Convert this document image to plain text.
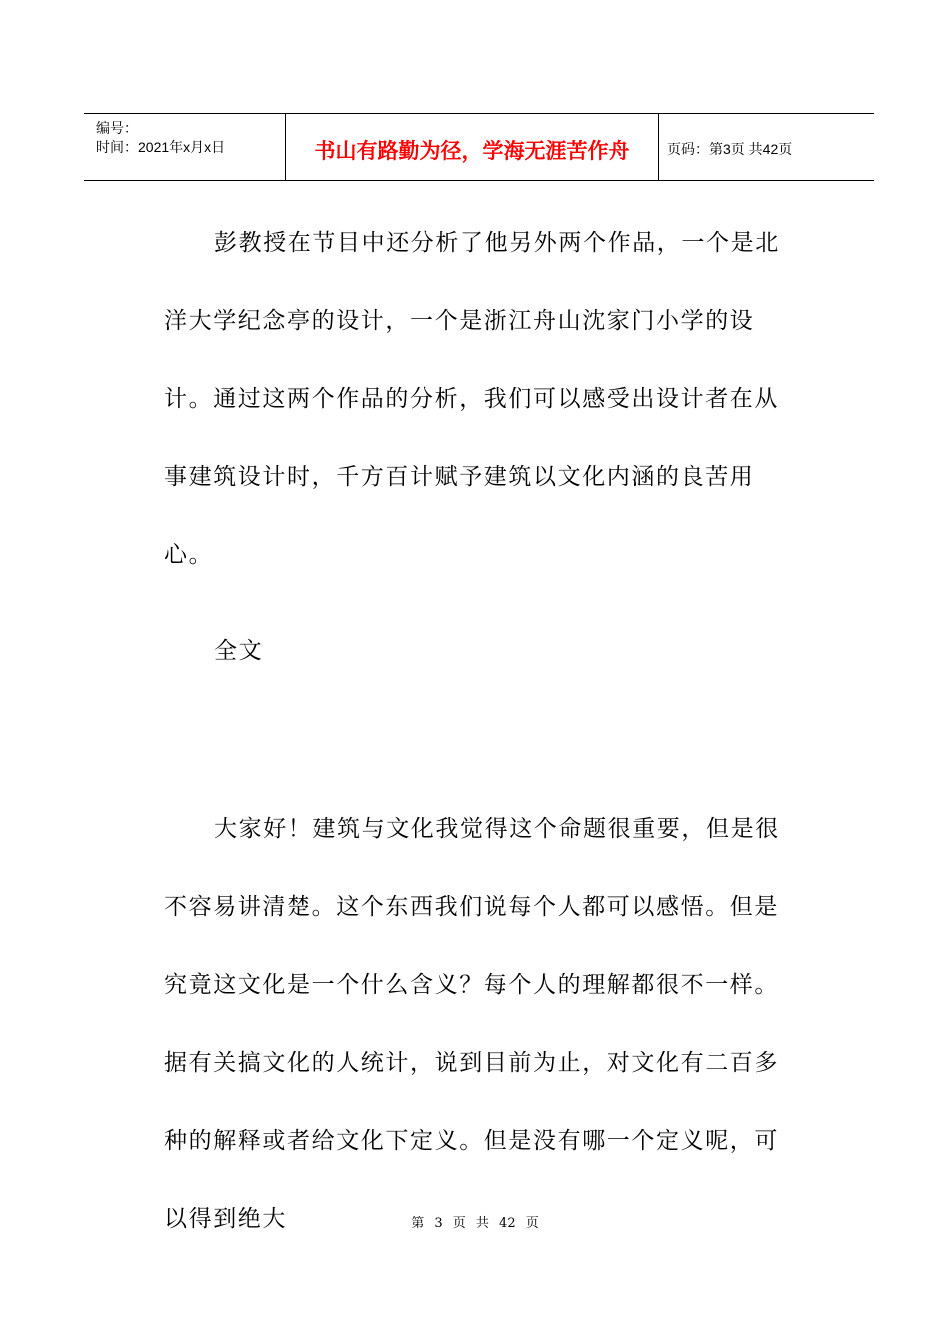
编号：
时间：2021年x月x日	书山有路勤为径，学海无涯苦作舟	页码：第3页 共42页

彭教授在节目中还分析了他另外两个作品，一个是北洋大学纪念亭的设计，一个是浙江舟山沈家门小学的设计。通过这两个作品的分析，我们可以感受出设计者在从事建筑设计时，千方百计赋予建筑以文化内涵的良苦用心。

全文

大家好！建筑与文化我觉得这个命题很重要，但是很不容易讲清楚。这个东西我们说每个人都可以感悟。但是究竟这文化是一个什么含义？每个人的理解都很不一样。据有关搞文化的人统计，说到目前为止，对文化有二百多种的解释或者给文化下定义。但是没有哪一个定义呢，可以得到绝大	第 3 页 共 42 页
